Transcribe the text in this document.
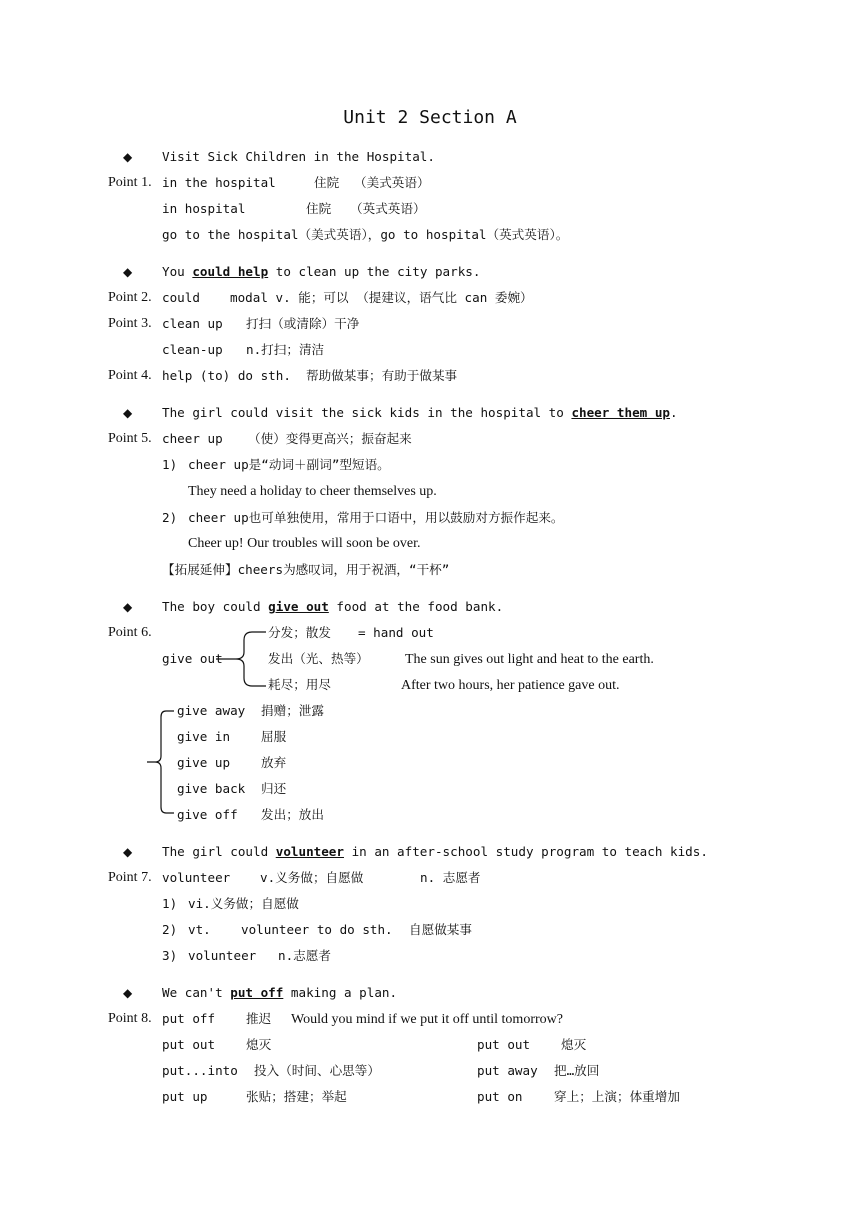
Unit 2 Section A
◆ Visit Sick Children in the Hospital.
Point 1. in the hospital	住院 （美式英语）
in hospital	住院 （英式英语）
go to the hospital（美式英语），go to hospital（英式英语）。
◆ You could help to clean up the city parks.
Point 2. could modal v. 能；可以 （提建议，语气比 can 委婉）
Point 3. clean up 打扫（或清除）干净
clean-up n.打扫；清洁
Point 4. help (to) do sth. 帮助做某事；有助于做某事
◆ The girl could visit the sick kids in the hospital to cheer them up.
Point 5. cheer up （使）变得更高兴；振奋起来
1) cheer up是“动词＋副词”型短语。
They need a holiday to cheer themselves up.
2) cheer up也可单独使用，常用于口语中，用以鼓励对方振作起来。
Cheer up! Our troubles will soon be over.
【拓展延伸】cheers为感叹词，用于祝酒，“干杯”
◆ The boy could give out food at the food bank.
Point 6.
give out
分发；散发 = hand out
发出（光、热等）	The sun gives out light and heat to the earth.
耗尽；用尽	After two hours, her patience gave out.
give away 捐赠；泄露
give in 屈服
give up 放弃
give back 归还
give off 发出；放出
◆ The girl could volunteer in an after-school study program to teach kids.
Point 7. volunteer v.义务做；自愿做	n. 志愿者
1) vi.义务做；自愿做
2) vt. volunteer to do sth. 自愿做某事
3) volunteer n.志愿者
◆ We can't put off making a plan.
Point 8. put off 推迟 Would you mind if we put it off until tomorrow?
put out 熄灭	put out 熄灭
put...into 投入（时间、心思等）	put away 把…放回
put up	张贴；搭建；举起	put on	穿上；上演；体重增加
